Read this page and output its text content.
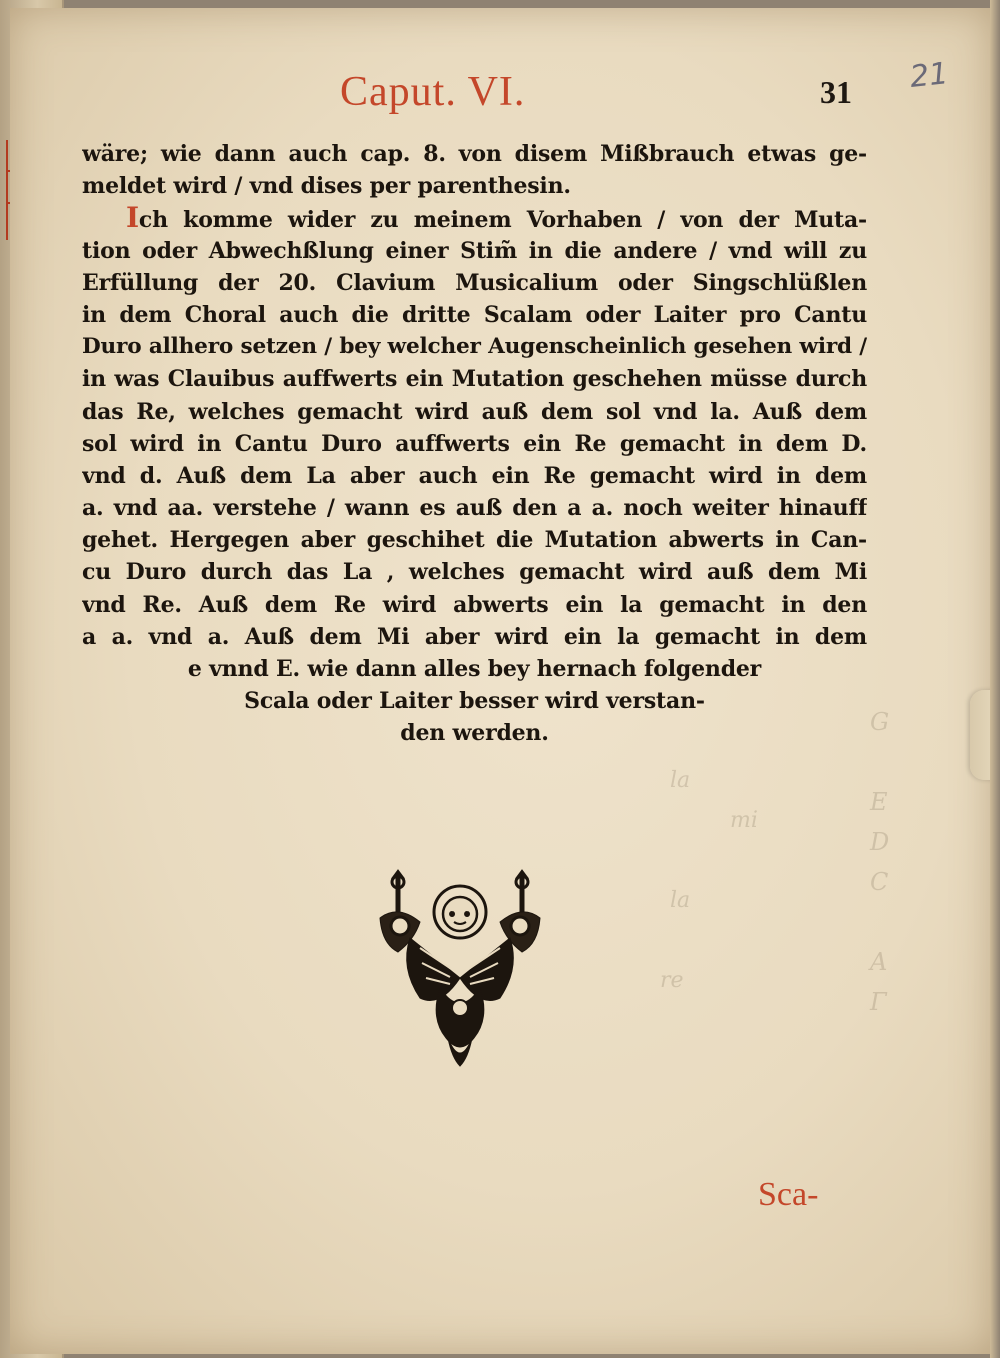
la
mi
la
re
G
E
D
C
A
Γ
Caput. VI.	31 21
wäre; wie dann auch cap. 8. von disem Mißbrauch etwas ge-
meldet wird / vnd dises per parenthesin.
Ich komme wider zu meinem Vorhaben / von der Muta-
tion oder Abwechßlung einer Stim̃ in die andere / vnd will zu
Erfüllung der 20. Clavium Musicalium oder Singschlüßlen
in dem Choral auch die dritte Scalam oder Laiter pro Cantu
Duro allhero setzen / bey welcher Augenscheinlich gesehen wird /
in was Clauibus auffwerts ein Mutation geschehen müsse durch
das Re, welches gemacht wird auß dem sol vnd la. Auß dem
sol wird in Cantu Duro auffwerts ein Re gemacht in dem D.
vnd d. Auß dem La aber auch ein Re gemacht wird in dem
a. vnd aa. verstehe / wann es auß den a a. noch weiter hinauff
gehet. Hergegen aber geschihet die Mutation abwerts in Can-
cu Duro durch das La , welches gemacht wird auß dem Mi
vnd Re. Auß dem Re wird abwerts ein la gemacht in den
a a. vnd a. Auß dem Mi aber wird ein la gemacht in dem
e vnnd E. wie dann alles bey hernach folgender
Scala oder Laiter besser wird verstan-
den werden.
Sca-
